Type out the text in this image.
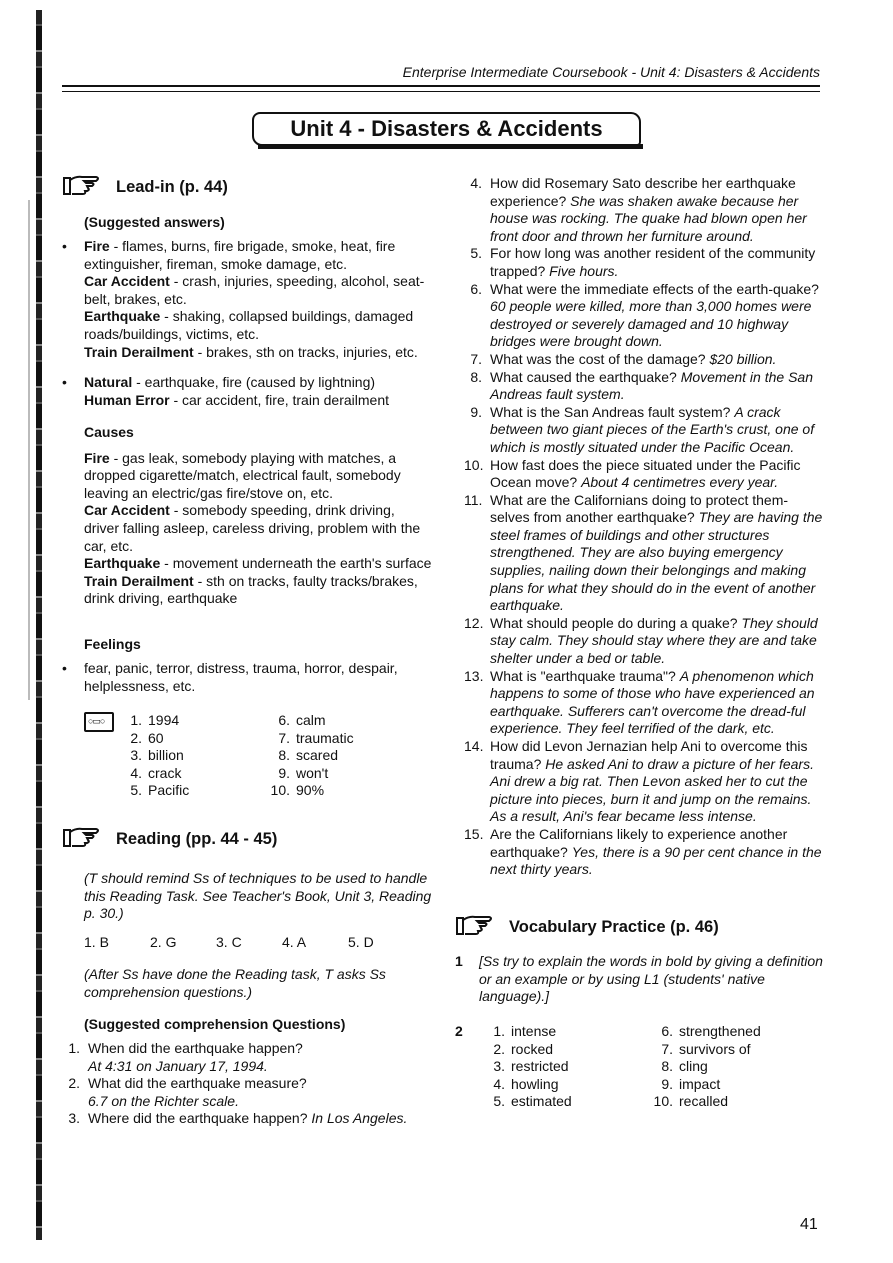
Enterprise Intermediate Coursebook - Unit 4: Disasters & Accidents
Unit 4 - Disasters & Accidents
Lead-in (p. 44)
(Suggested answers)
• Fire - flames, burns, fire brigade, smoke, heat, fire extinguisher, fireman, smoke damage, etc.
Car Accident - crash, injuries, speeding, alcohol, seat-belt, brakes, etc.
Earthquake - shaking, collapsed buildings, damaged roads/buildings, victims, etc.
Train Derailment - brakes, sth on tracks, injuries, etc.
• Natural - earthquake, fire (caused by lightning)
Human Error - car accident, fire, train derailment
Causes
Fire - gas leak, somebody playing with matches, a dropped cigarette/match, electrical fault, somebody leaving an electric/gas fire/stove on, etc.
Car Accident - somebody speeding, drink driving, driver falling asleep, careless driving, problem with the car, etc.
Earthquake - movement underneath the earth's surface
Train Derailment - sth on tracks, faulty tracks/brakes, drink driving, earthquake
Feelings
• fear, panic, terror, distress, trauma, horror, despair, helplessness, etc.
○▭○
1. 1994	6. calm
2. 60	7. traumatic
3. billion	8. scared
4. crack	9. won't
5. Pacific	10. 90%
Reading (pp. 44 - 45)
(T should remind Ss of techniques to be used to handle this Reading Task. See Teacher's Book, Unit 3, Reading p. 30.)
1. B	2. G	3. C	4. A	5. D
(After Ss have done the Reading task, T asks Ss comprehension questions.)
(Suggested comprehension Questions)
1. When did the earthquake happen?
At 4:31 on January 17, 1994.
2. What did the earthquake measure?
6.7 on the Richter scale.
3. Where did the earthquake happen? In Los Angeles.
4. How did Rosemary Sato describe her earthquake experience? She was shaken awake because her house was rocking. The quake had blown open her front door and thrown her furniture around.
5. For how long was another resident of the community trapped? Five hours.
6. What were the immediate effects of the earth-quake? 60 people were killed, more than 3,000 homes were destroyed or severely damaged and 10 highway bridges were brought down.
7. What was the cost of the damage? $20 billion.
8. What caused the earthquake? Movement in the San Andreas fault system.
9. What is the San Andreas fault system? A crack between two giant pieces of the Earth's crust, one of which is mostly situated under the Pacific Ocean.
10. How fast does the piece situated under the Pacific Ocean move? About 4 centimetres every year.
11. What are the Californians doing to protect them-selves from another earthquake? They are having the steel frames of buildings and other structures strengthened. They are also buying emergency supplies, nailing down their belongings and making plans for what they should do in the event of another earthquake.
12. What should people do during a quake? They should stay calm. They should stay where they are and take shelter under a bed or table.
13. What is "earthquake trauma"? A phenomenon which happens to some of those who have experienced an earthquake. Sufferers can't overcome the dread-ful experience. They feel terrified of the dark, etc.
14. How did Levon Jernazian help Ani to overcome this trauma? He asked Ani to draw a picture of her fears. Ani drew a big rat. Then Levon asked her to cut the picture into pieces, burn it and jump on the remains. As a result, Ani's fear became less intense.
15. Are the Californians likely to experience another earthquake? Yes, there is a 90 per cent chance in the next thirty years.
Vocabulary Practice (p. 46)
1	[Ss try to explain the words in bold by giving a definition or an example or by using L1 (students' native language).]
2	1. intense	6. strengthened
2. rocked	7. survivors of
3. restricted	8. cling
4. howling	9. impact
5. estimated	10. recalled
41
